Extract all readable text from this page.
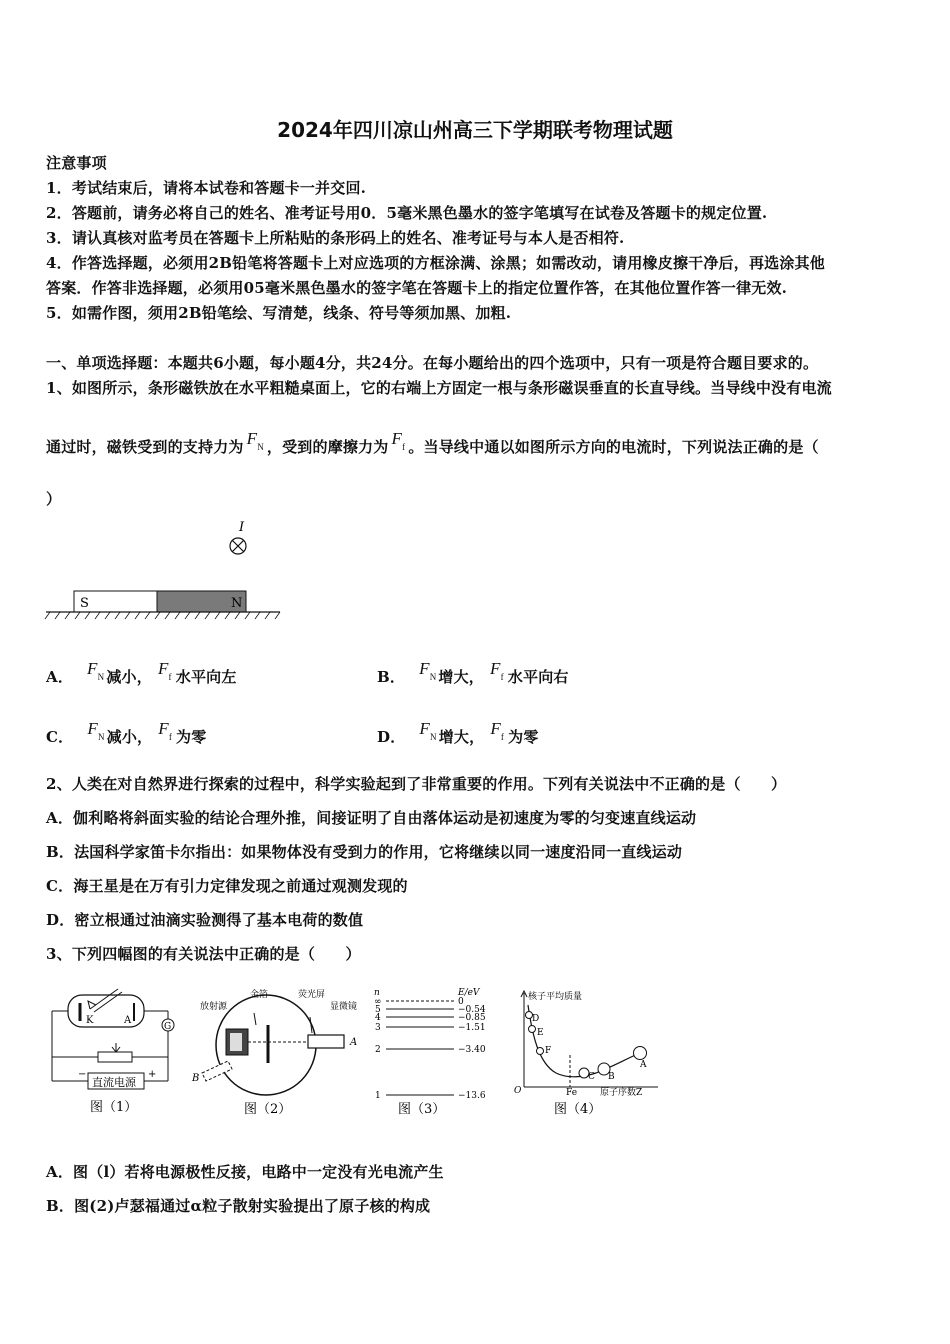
2024年四川凉山州高三下学期联考物理试题
注意事项
1．考试结束后，请将本试卷和答题卡一并交回.
2．答题前，请务必将自己的姓名、准考证号用0．5毫米黑色墨水的签字笔填写在试卷及答题卡的规定位置.
3．请认真核对监考员在答题卡上所粘贴的条形码上的姓名、准考证号与本人是否相符.
4．作答选择题，必须用2B铅笔将答题卡上对应选项的方框涂满、涂黑；如需改动，请用橡皮擦干净后，再选涂其他
答案．作答非选择题，必须用05毫米黑色墨水的签字笔在答题卡上的指定位置作答，在其他位置作答一律无效.
5．如需作图，须用2B铅笔绘、写清楚，线条、符号等须加黑、加粗.
一、单项选择题：本题共6小题，每小题4分，共24分。在每小题给出的四个选项中，只有一项是符合题目要求的。
1、如图所示，条形磁铁放在水平粗糙桌面上，它的右端上方固定一根与条形磁误垂直的长直导线。当导线中没有电流
通过时，磁铁受到的支持力为 $F_N$ ，受到的摩擦力为 $F_f$ 。当导线中通以如图所示方向的电流时，下列说法正确的是（
）
I
S	N
A． $F_N$ 减小， $F_f$ 水平向左	B． $F_N$ 增大， $F_f$ 水平向右
C． $F_N$ 减小， $F_f$ 为零	D． $F_N$ 增大， $F_f$ 为零
2、人类在对自然界进行探索的过程中，科学实验起到了非常重要的作用。下列有关说法中不正确的是（　　）
A．伽利略将斜面实验的结论合理外推，间接证明了自由落体运动是初速度为零的匀变速直线运动
B．法国科学家笛卡尔指出：如果物体没有受到力的作用，它将继续以同一速度沿同一直线运动
C．海王星是在万有引力定律发现之前通过观测发现的
D．密立根通过油滴实验测得了基本电荷的数值
3、下列四幅图的有关说法中正确的是（　　）
K	A
G
−	+
直流电源
图（1）
放射源
金箔	荧光屏
显微镜
A
B
图（2）
n	E/eV
∞	0
5	−0.54
4	−0.85
3	−1.51
2	−3.40
1	−13.6
图（3）
核子平均质量
O
D
E
F
C B
A
Fe	原子序数Z
图（4）
A．图（l）若将电源极性反接，电路中一定没有光电流产生
B．图(2)卢瑟福通过α粒子散射实验提出了原子核的构成
